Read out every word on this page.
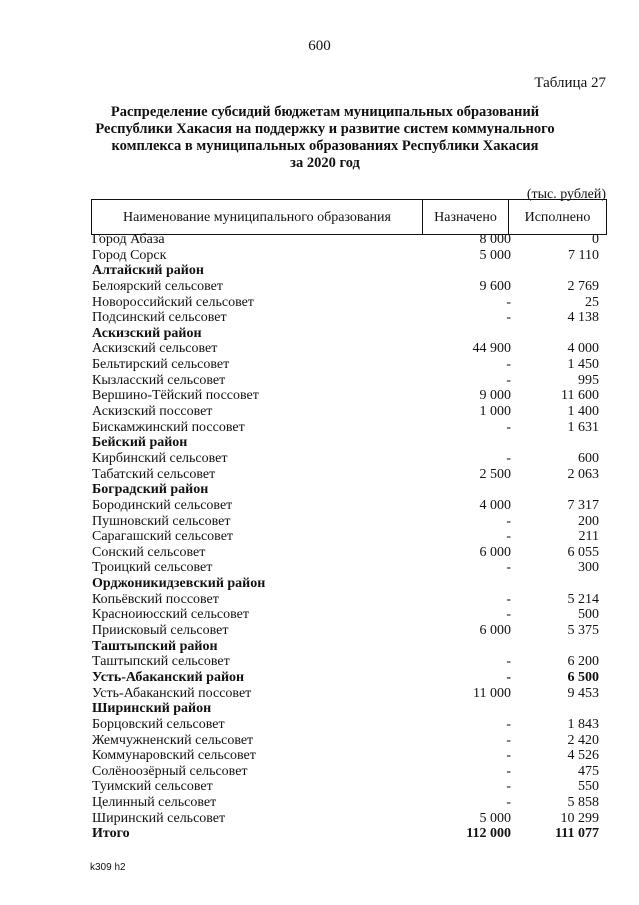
600
Таблица 27
Распределение субсидий бюджетам муниципальных образований
Республики Хакасия на поддержку и развитие систем коммунального
комплекса в муниципальных образованиях Республики Хакасия
за 2020 год
(тыс. рублей)
Наименование муниципального образования	Назначено	Исполнено
Город Абаза	8 000	0
Город Сорск	5 000	7 110
Алтайский район
Белоярский сельсовет	9 600	2 769
Новороссийский сельсовет	-	25
Подсинский сельсовет	-	4 138
Аскизский район
Аскизский сельсовет	44 900	4 000
Бельтирский сельсовет	-	1 450
Кызласский сельсовет	-	995
Вершино-Тёйский поссовет	9 000	11 600
Аскизский поссовет	1 000	1 400
Бискамжинский поссовет	-	1 631
Бейский район
Кирбинский сельсовет	-	600
Табатский сельсовет	2 500	2 063
Боградский район
Бородинский сельсовет	4 000	7 317
Пушновский сельсовет	-	200
Сарагашский сельсовет	-	211
Сонский сельсовет	6 000	6 055
Троицкий сельсовет	-	300
Орджоникидзевский район
Копьёвский поссовет	-	5 214
Красноиюсский сельсовет	-	500
Приисковый сельсовет	6 000	5 375
Таштыпский район
Таштыпский сельсовет	-	6 200
Усть-Абаканский район	-	6 500
Усть-Абаканский поссовет	11 000	9 453
Ширинский район
Борцовский сельсовет	-	1 843
Жемчужненский сельсовет	-	2 420
Коммунаровский сельсовет	-	4 526
Солёноозёрный сельсовет	-	475
Туимский сельсовет	-	550
Целинный сельсовет	-	5 858
Ширинский сельсовет	5 000	10 299
Итого	112 000	111 077
k309 h2
